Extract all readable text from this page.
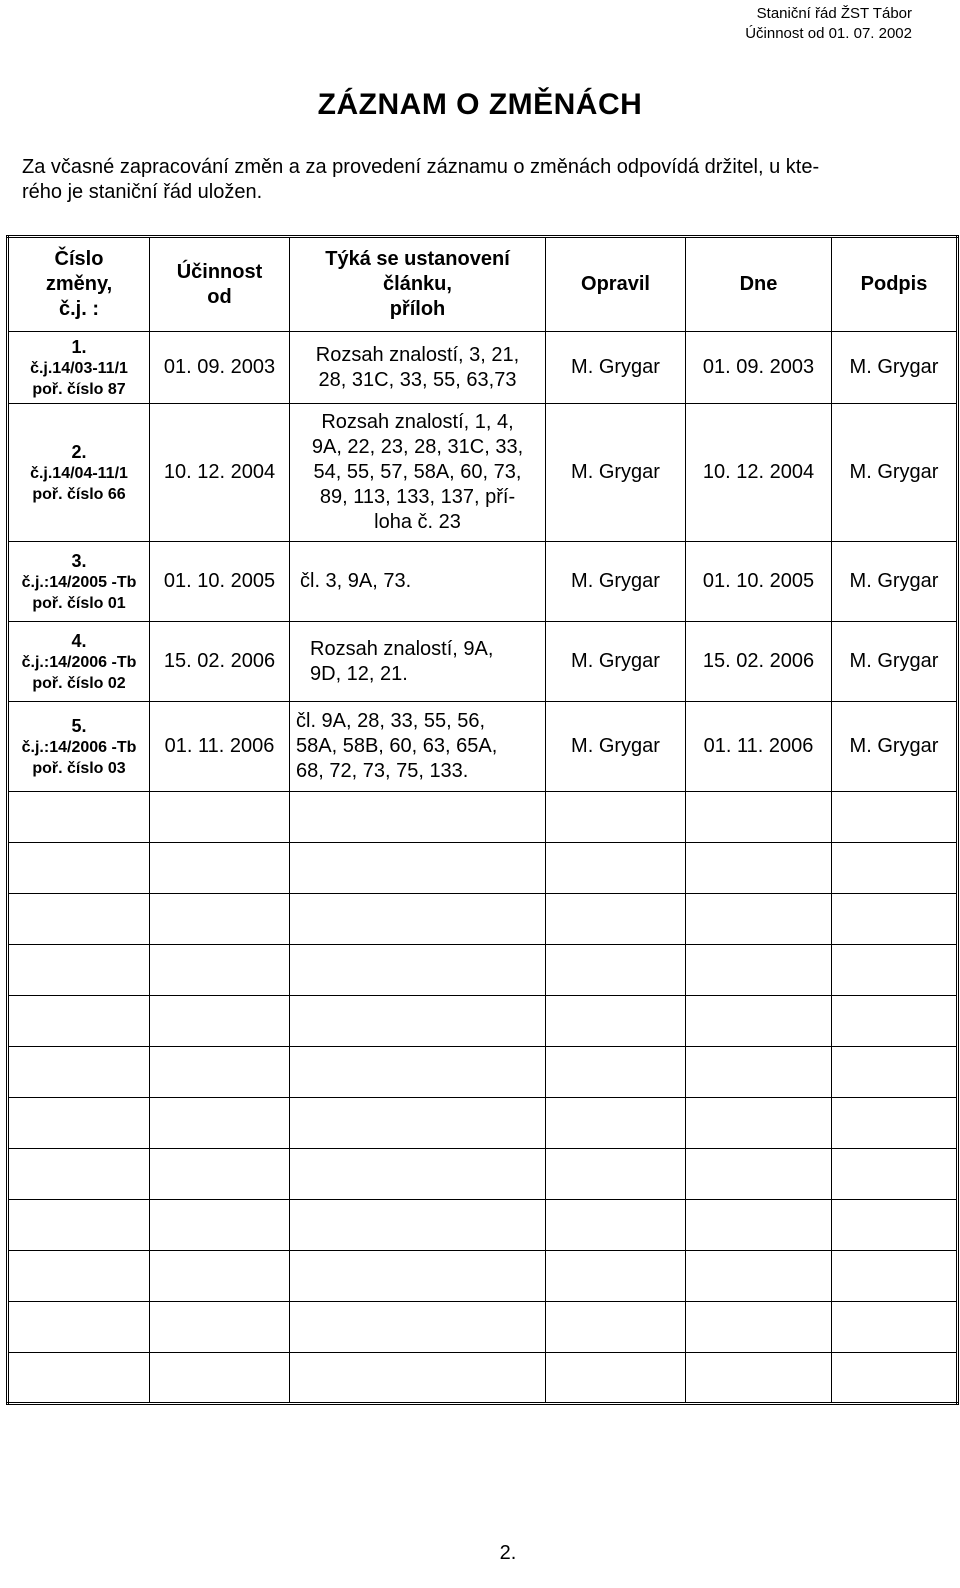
Staniční řád ŽST Tábor
Účinnost od 01. 07. 2002
ZÁZNAM O ZMĚNÁCH
Za včasné zapracování změn a za provedení záznamu o změnách odpovídá držitel, u kte-
rého je staniční řád uložen.
Číslo
změny,
č.j. :	Účinnost
od	Týká se ustanovení
článku,
příloh	Opravil	Dne	Podpis

1.
č.j.14/03-11/1
poř. číslo 87	01. 09. 2003	Rozsah znalostí, 3, 21,
28, 31C, 33, 55, 63,73	M. Grygar	01. 09. 2003	M. Grygar

2.
č.j.14/04-11/1
poř. číslo 66	10. 12. 2004	Rozsah znalostí, 1, 4,
9A, 22, 23, 28, 31C, 33,
54, 55, 57, 58A, 60, 73,
89, 113, 133, 137, pří-
loha č. 23	M. Grygar	10. 12. 2004	M. Grygar

3.
č.j.:14/2005 -Tb
poř. číslo 01	01. 10. 2005	čl. 3, 9A, 73.	M. Grygar	01. 10. 2005	M. Grygar

4.
č.j.:14/2006 -Tb
poř. číslo 02	15. 02. 2006	Rozsah znalostí, 9A,
9D, 12, 21.	M. Grygar	15. 02. 2006	M. Grygar

5.
č.j.:14/2006 -Tb
poř. číslo 03	01. 11. 2006	čl. 9A, 28, 33, 55, 56,
58A, 58B, 60, 63, 65A,
68, 72, 73, 75, 133.	M. Grygar	01. 11. 2006	M. Grygar

2.
